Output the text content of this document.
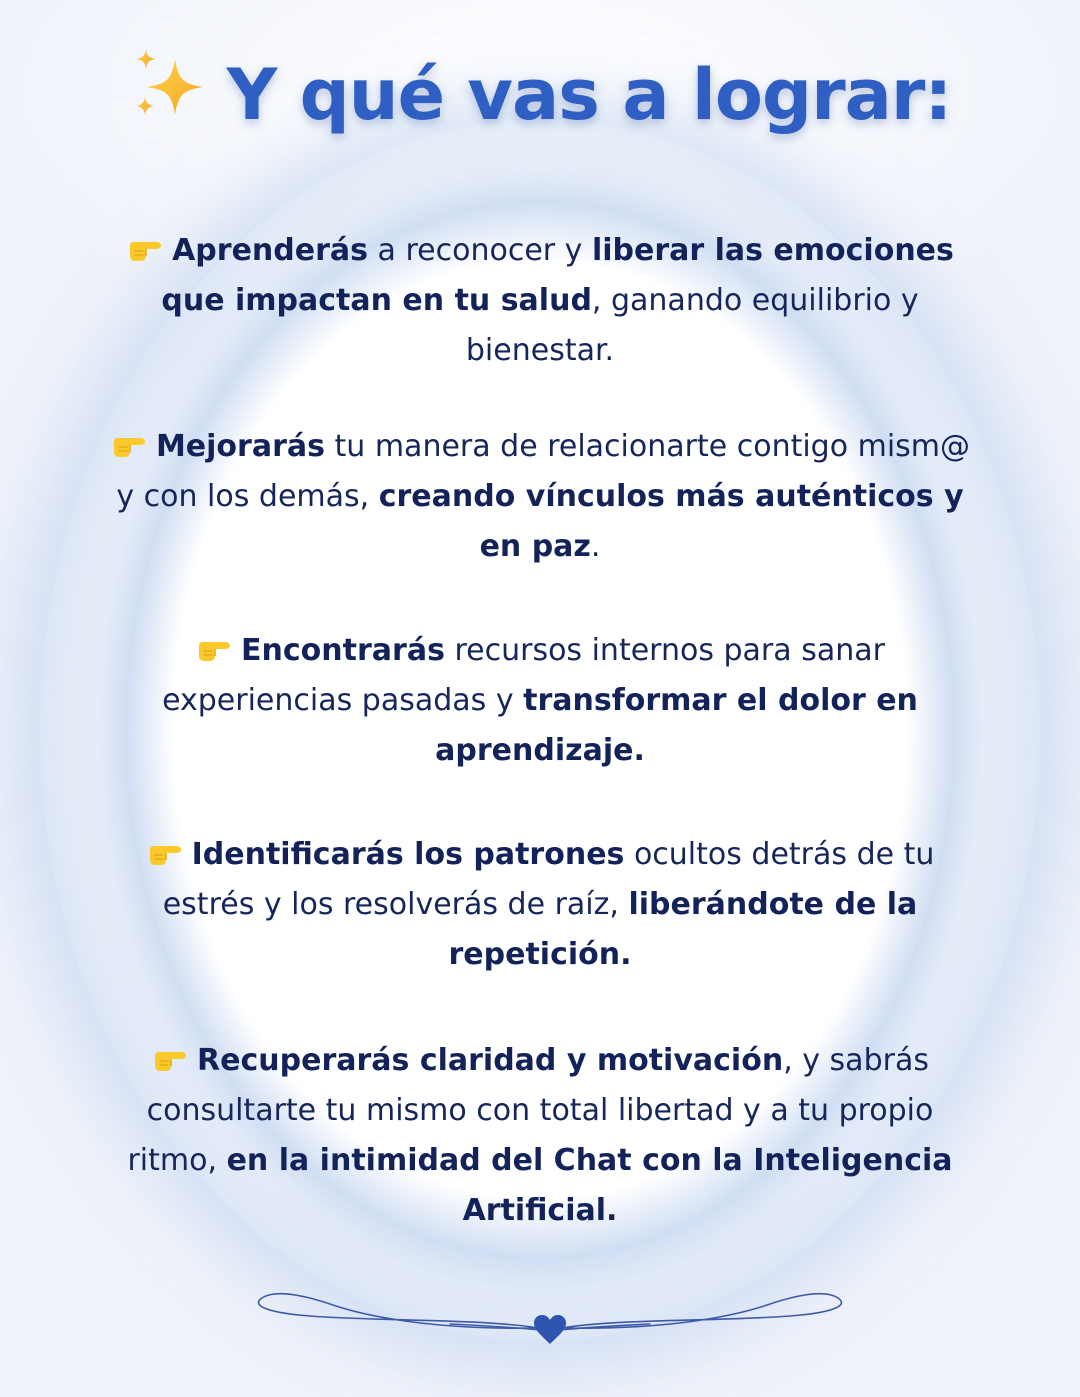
Y qué vas a lograr:
Aprenderás a reconocer y liberar las emociones que impactan en tu salud, ganando equilibrio y bienestar.
Mejorarás tu manera de relacionarte contigo mism@ y con los demás, creando vínculos más auténticos y en paz.
Encontrarás recursos internos para sanar experiencias pasadas y transformar el dolor en aprendizaje.
Identificarás los patrones ocultos detrás de tu estrés y los resolverás de raíz, liberándote de la repetición.
Recuperarás claridad y motivación, y sabrás consultarte tu mismo con total libertad y a tu propio ritmo, en la intimidad del Chat con la Inteligencia Artificial.
